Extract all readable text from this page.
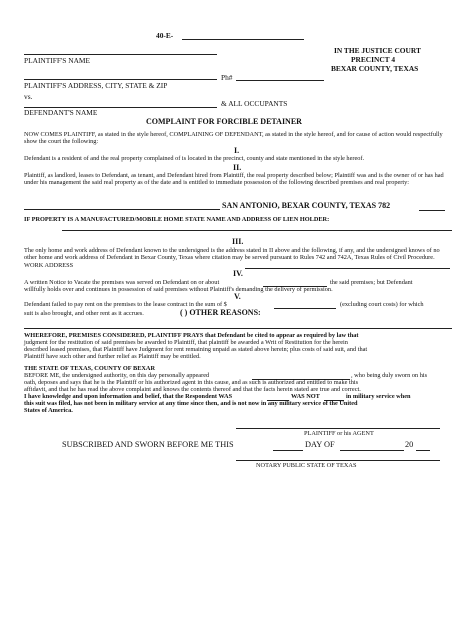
40-E-
IN THE JUSTICE COURT
PRECINCT 4
BEXAR COUNTY, TEXAS
PLAINTIFF'S NAME
Ph#
PLAINTIFF'S ADDRESS, CITY, STATE & ZIP
vs.
& ALL OCCUPANTS
DEFENDANT'S NAME
COMPLAINT FOR FORCIBLE DETAINER
NOW COMES PLAINTIFF, as stated in the style hereof, COMPLAINING OF DEFENDANT, as stated in the style hereof, and for cause of action would respectfully show the court the following:
I.
Defendant is a resident of and the real property complained of is located in the precinct, county and state mentioned in the style hereof.
II.
Plaintiff, as landlord, leases to Defendant, as tenant, and Defendant hired from Plaintiff, the real property described below; Plaintiff was and is the owner of or has had under his management the said real property as of the date and is entitled to immediate possession of the following described premises and real property:
SAN ANTONIO, BEXAR COUNTY, TEXAS 782
IF PROPERTY IS A MANUFACTURED/MOBILE HOME STATE NAME AND ADDRESS OF LIEN HOLDER:
III.
The only home and work address of Defendant known to the undersigned is the address stated in II above and the following, if any, and the undersigned knows of no other home and work address of Defendant in Bexar County, Texas where citation may be served pursuant to Rules 742 and 742A, Texas Rules of Civil Procedure. WORK ADDRESS
IV.
A written Notice to Vacate the premises was served on Defendant on or about	the said premises; but Defendant
willfully holds over and continues in possession of said premises without Plaintiff's demanding the delivery of permission.
V.
Defendant failed to pay rent on the premises to the lease contract in the sum of $	(excluding court costs) for which
suit is also brought, and other rent as it accrues.	( ) OTHER REASONS:
WHEREFORE, PREMISES CONSIDERED, PLAINTIFF PRAYS that Defendant be cited to appear as required by law that
judgment for the restitution of said premises be awarded to Plaintiff, that plaintiff be awarded a Writ of Restitution for the herein
described leased premises, that Plaintiff have Judgment for rent remaining unpaid as stated above herein; plus costs of said suit, and that
Plaintiff have such other and further relief as Plaintiff may be entitled.
THE STATE OF TEXAS, COUNTY OF BEXAR
BEFORE ME, the undersigned authority, on this day personally appeared	, who being duly sworn on his
oath, deposes and says that he is the Plaintiff or his authorized agent in this cause, and as such is authorized and entitled to make this
affidavit, and that he has read the above complaint and knows the contents thereof and that the facts herein stated are true and correct.
I have knowledge and upon information and belief, that the Respondent WAS	WAS NOT	in military service when
this suit was filed, has not been in military service at any time since then, and is not now in any military service of the United
States of America.
PLAINTIFF or his AGENT
SUBSCRIBED AND SWORN BEFORE ME THIS	DAY OF	20
NOTARY PUBLIC STATE OF TEXAS
